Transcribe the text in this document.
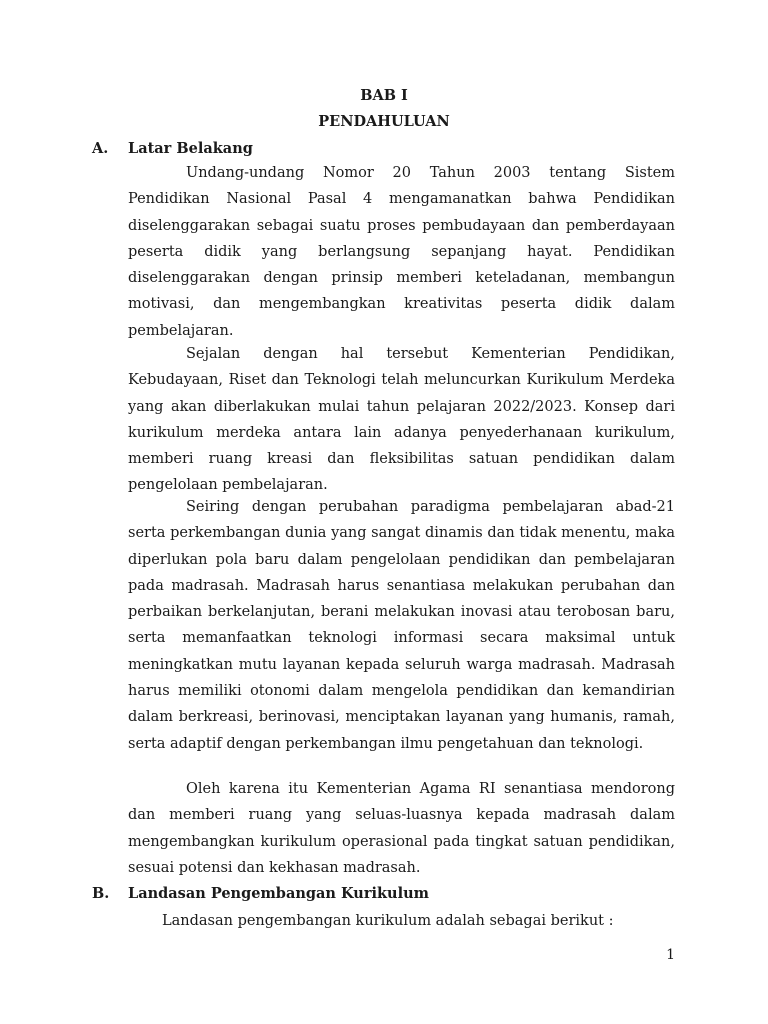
BAB I
PENDAHULUAN
A. Latar Belakang

Undang-undang Nomor 20 Tahun 2003 tentang Sistem Pendidikan Nasional Pasal 4 mengamanatkan bahwa Pendidikan diselenggarakan sebagai suatu proses pembudayaan dan pemberdayaan peserta didik yang berlangsung sepanjang hayat. Pendidikan diselenggarakan dengan prinsip memberi keteladanan, membangun motivasi, dan mengembangkan kreativitas peserta didik dalam pembelajaran.

Sejalan dengan hal tersebut Kementerian Pendidikan, Kebudayaan, Riset dan Teknologi telah meluncurkan Kurikulum Merdeka yang akan diberlakukan mulai tahun pelajaran 2022/2023. Konsep dari kurikulum merdeka antara lain adanya penyederhanaan kurikulum, memberi ruang kreasi dan fleksibilitas satuan pendidikan dalam pengelolaan pembelajaran.

Seiring dengan perubahan paradigma pembelajaran abad-21 serta perkembangan dunia yang sangat dinamis dan tidak menentu, maka diperlukan pola baru dalam pengelolaan pendidikan dan pembelajaran pada madrasah. Madrasah harus senantiasa melakukan perubahan dan perbaikan berkelanjutan, berani melakukan inovasi atau terobosan baru, serta memanfaatkan teknologi informasi secara maksimal untuk meningkatkan mutu layanan kepada seluruh warga madrasah. Madrasah harus memiliki otonomi dalam mengelola pendidikan dan kemandirian dalam berkreasi, berinovasi, menciptakan layanan yang humanis, ramah, serta adaptif dengan perkembangan ilmu pengetahuan dan teknologi.

Oleh karena itu Kementerian Agama RI senantiasa mendorong dan memberi ruang yang seluas-luasnya kepada madrasah dalam mengembangkan kurikulum operasional pada tingkat satuan pendidikan, sesuai potensi dan kekhasan madrasah.

B. Landasan Pengembangan Kurikulum
Landasan pengembangan kurikulum adalah sebagai berikut :
1
